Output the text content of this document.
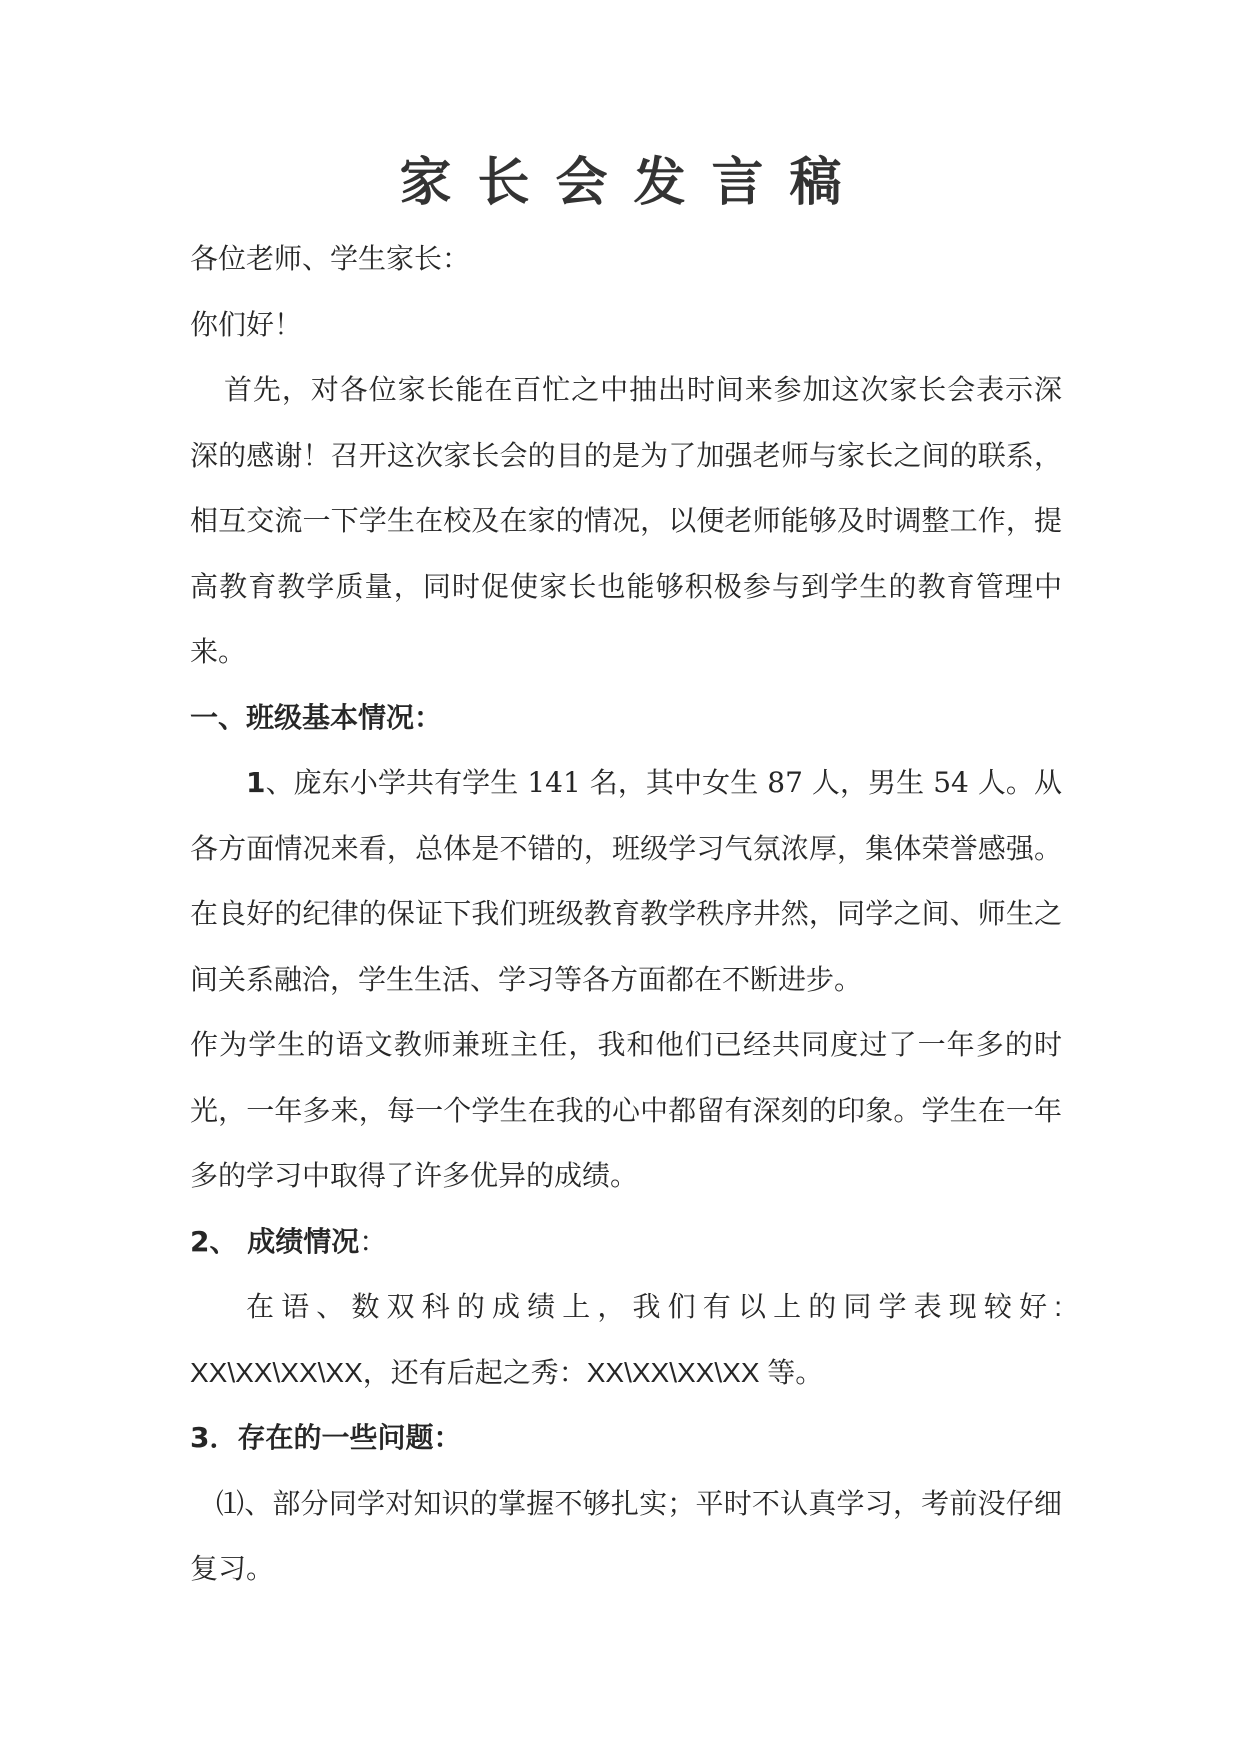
家长会发言稿

各位老师、学生家长：

你们好！

首先，对各位家长能在百忙之中抽出时间来参加这次家长会表示深深的感谢！召开这次家长会的目的是为了加强老师与家长之间的联系，相互交流一下学生在校及在家的情况，以便老师能够及时调整工作，提高教育教学质量，同时促使家长也能够积极参与到学生的教育管理中来。

一、班级基本情况：

1、庞东小学共有学生 141 名，其中女生 87 人，男生 54 人。从各方面情况来看，总体是不错的，班级学习气氛浓厚，集体荣誉感强。在良好的纪律的保证下我们班级教育教学秩序井然，同学之间、师生之间关系融洽，学生生活、学习等各方面都在不断进步。

作为学生的语文教师兼班主任，我和他们已经共同度过了一年多的时光，一年多来，每一个学生在我的心中都留有深刻的印象。学生在一年多的学习中取得了许多优异的成绩。

2、 成绩情况：

在语、数双科的成绩上，我们有以上的同学表现较好: XX\XX\XX\XX，还有后起之秀：XX\XX\XX\XX 等。

3．存在的一些问题：

⑴、部分同学对知识的掌握不够扎实；平时不认真学习，考前没仔细复习。
